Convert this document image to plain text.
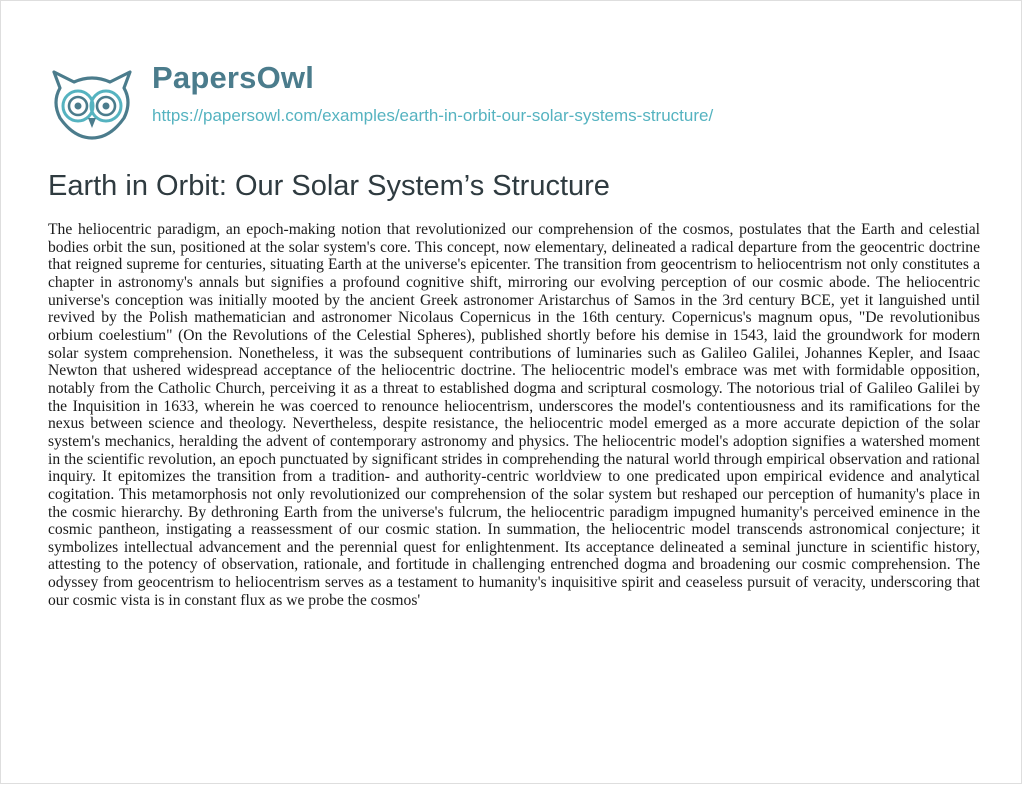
PapersOwl
https://papersowl.com/examples/earth-in-orbit-our-solar-systems-structure/
Earth in Orbit: Our Solar System’s Structure

The heliocentric paradigm, an epoch-making notion that revolutionized our comprehension of the cosmos, postulates that the Earth and celestial bodies orbit the sun, positioned at the solar system's core. This concept, now elementary, delineated a radical departure from the geocentric doctrine that reigned supreme for centuries, situating Earth at the universe's epicenter. The transition from geocentrism to heliocentrism not only constitutes a chapter in astronomy's annals but signifies a profound cognitive shift, mirroring our evolving perception of our cosmic abode. The heliocentric universe's conception was initially mooted by the ancient Greek astronomer Aristarchus of Samos in the 3rd century BCE, yet it languished until revived by the Polish mathematician and astronomer Nicolaus Copernicus in the 16th century. Copernicus's magnum opus, "De revolutionibus orbium coelestium" (On the Revolutions of the Celestial Spheres), published shortly before his demise in 1543, laid the groundwork for modern solar system comprehension. Nonetheless, it was the subsequent contributions of luminaries such as Galileo Galilei, Johannes Kepler, and Isaac Newton that ushered widespread acceptance of the heliocentric doctrine. The heliocentric model's embrace was met with formidable opposition, notably from the Catholic Church, perceiving it as a threat to established dogma and scriptural cosmology. The notorious trial of Galileo Galilei by the Inquisition in 1633, wherein he was coerced to renounce heliocentrism, underscores the model's contentiousness and its ramifications for the nexus between science and theology. Nevertheless, despite resistance, the heliocentric model emerged as a more accurate depiction of the solar system's mechanics, heralding the advent of contemporary astronomy and physics. The heliocentric model's adoption signifies a watershed moment in the scientific revolution, an epoch punctuated by significant strides in comprehending the natural world through empirical observation and rational inquiry. It epitomizes the transition from a tradition- and authority-centric worldview to one predicated upon empirical evidence and analytical cogitation. This metamorphosis not only revolutionized our comprehension of the solar system but reshaped our perception of humanity's place in the cosmic hierarchy. By dethroning Earth from the universe's fulcrum, the heliocentric paradigm impugned humanity's perceived eminence in the cosmic pantheon, instigating a reassessment of our cosmic station. In summation, the heliocentric model transcends astronomical conjecture; it symbolizes intellectual advancement and the perennial quest for enlightenment. Its acceptance delineated a seminal juncture in scientific history, attesting to the potency of observation, rationale, and fortitude in challenging entrenched dogma and broadening our cosmic comprehension. The odyssey from geocentrism to heliocentrism serves as a testament to humanity's inquisitive spirit and ceaseless pursuit of veracity, underscoring that our cosmic vista is in constant flux as we probe the cosmos'
